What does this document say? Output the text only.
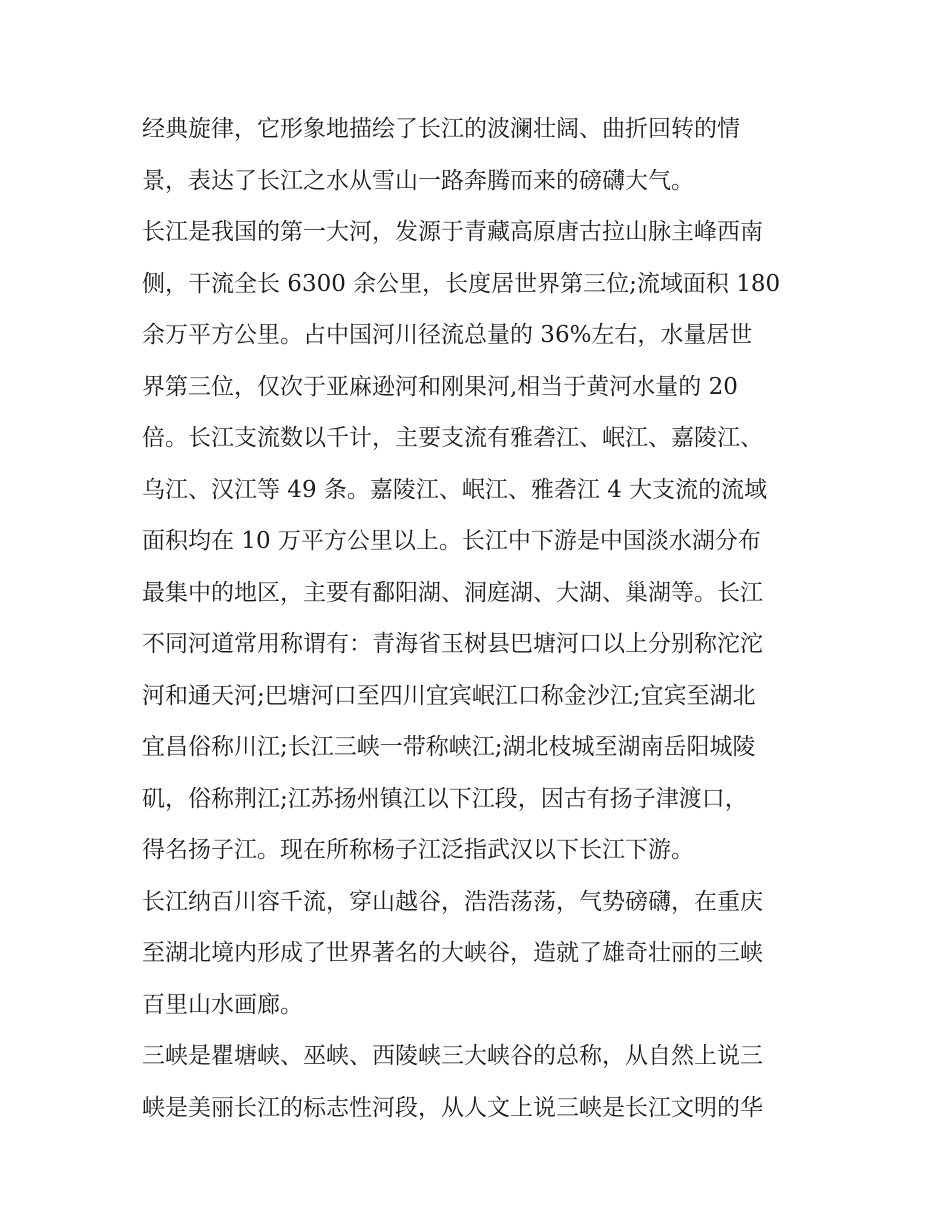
经典旋律，它形象地描绘了长江的波澜壮阔、曲折回转的情
景，表达了长江之水从雪山一路奔腾而来的磅礴大气。
长江是我国的第一大河，发源于青藏高原唐古拉山脉主峰西南
侧，干流全长 6300 余公里，长度居世界第三位;流域面积 180
余万平方公里。占中国河川径流总量的 36%左右，水量居世
界第三位，仅次于亚麻逊河和刚果河,相当于黄河水量的 20
倍。长江支流数以千计，主要支流有雅砻江、岷江、嘉陵江、
乌江、汉江等 49 条。嘉陵江、岷江、雅砻江 4 大支流的流域
面积均在 10 万平方公里以上。长江中下游是中国淡水湖分布
最集中的地区，主要有鄱阳湖、洞庭湖、大湖、巢湖等。长江
不同河道常用称谓有：青海省玉树县巴塘河口以上分别称沱沱
河和通天河;巴塘河口至四川宜宾岷江口称金沙江;宜宾至湖北
宜昌俗称川江;长江三峡一带称峡江;湖北枝城至湖南岳阳城陵
矶，俗称荆江;江苏扬州镇江以下江段，因古有扬子津渡口，
得名扬子江。现在所称杨子江泛指武汉以下长江下游。
长江纳百川容千流，穿山越谷，浩浩荡荡，气势磅礴，在重庆
至湖北境内形成了世界著名的大峡谷，造就了雄奇壮丽的三峡
百里山水画廊。
三峡是瞿塘峡、巫峡、西陵峡三大峡谷的总称，从自然上说三
峡是美丽长江的标志性河段，从人文上说三峡是长江文明的华
